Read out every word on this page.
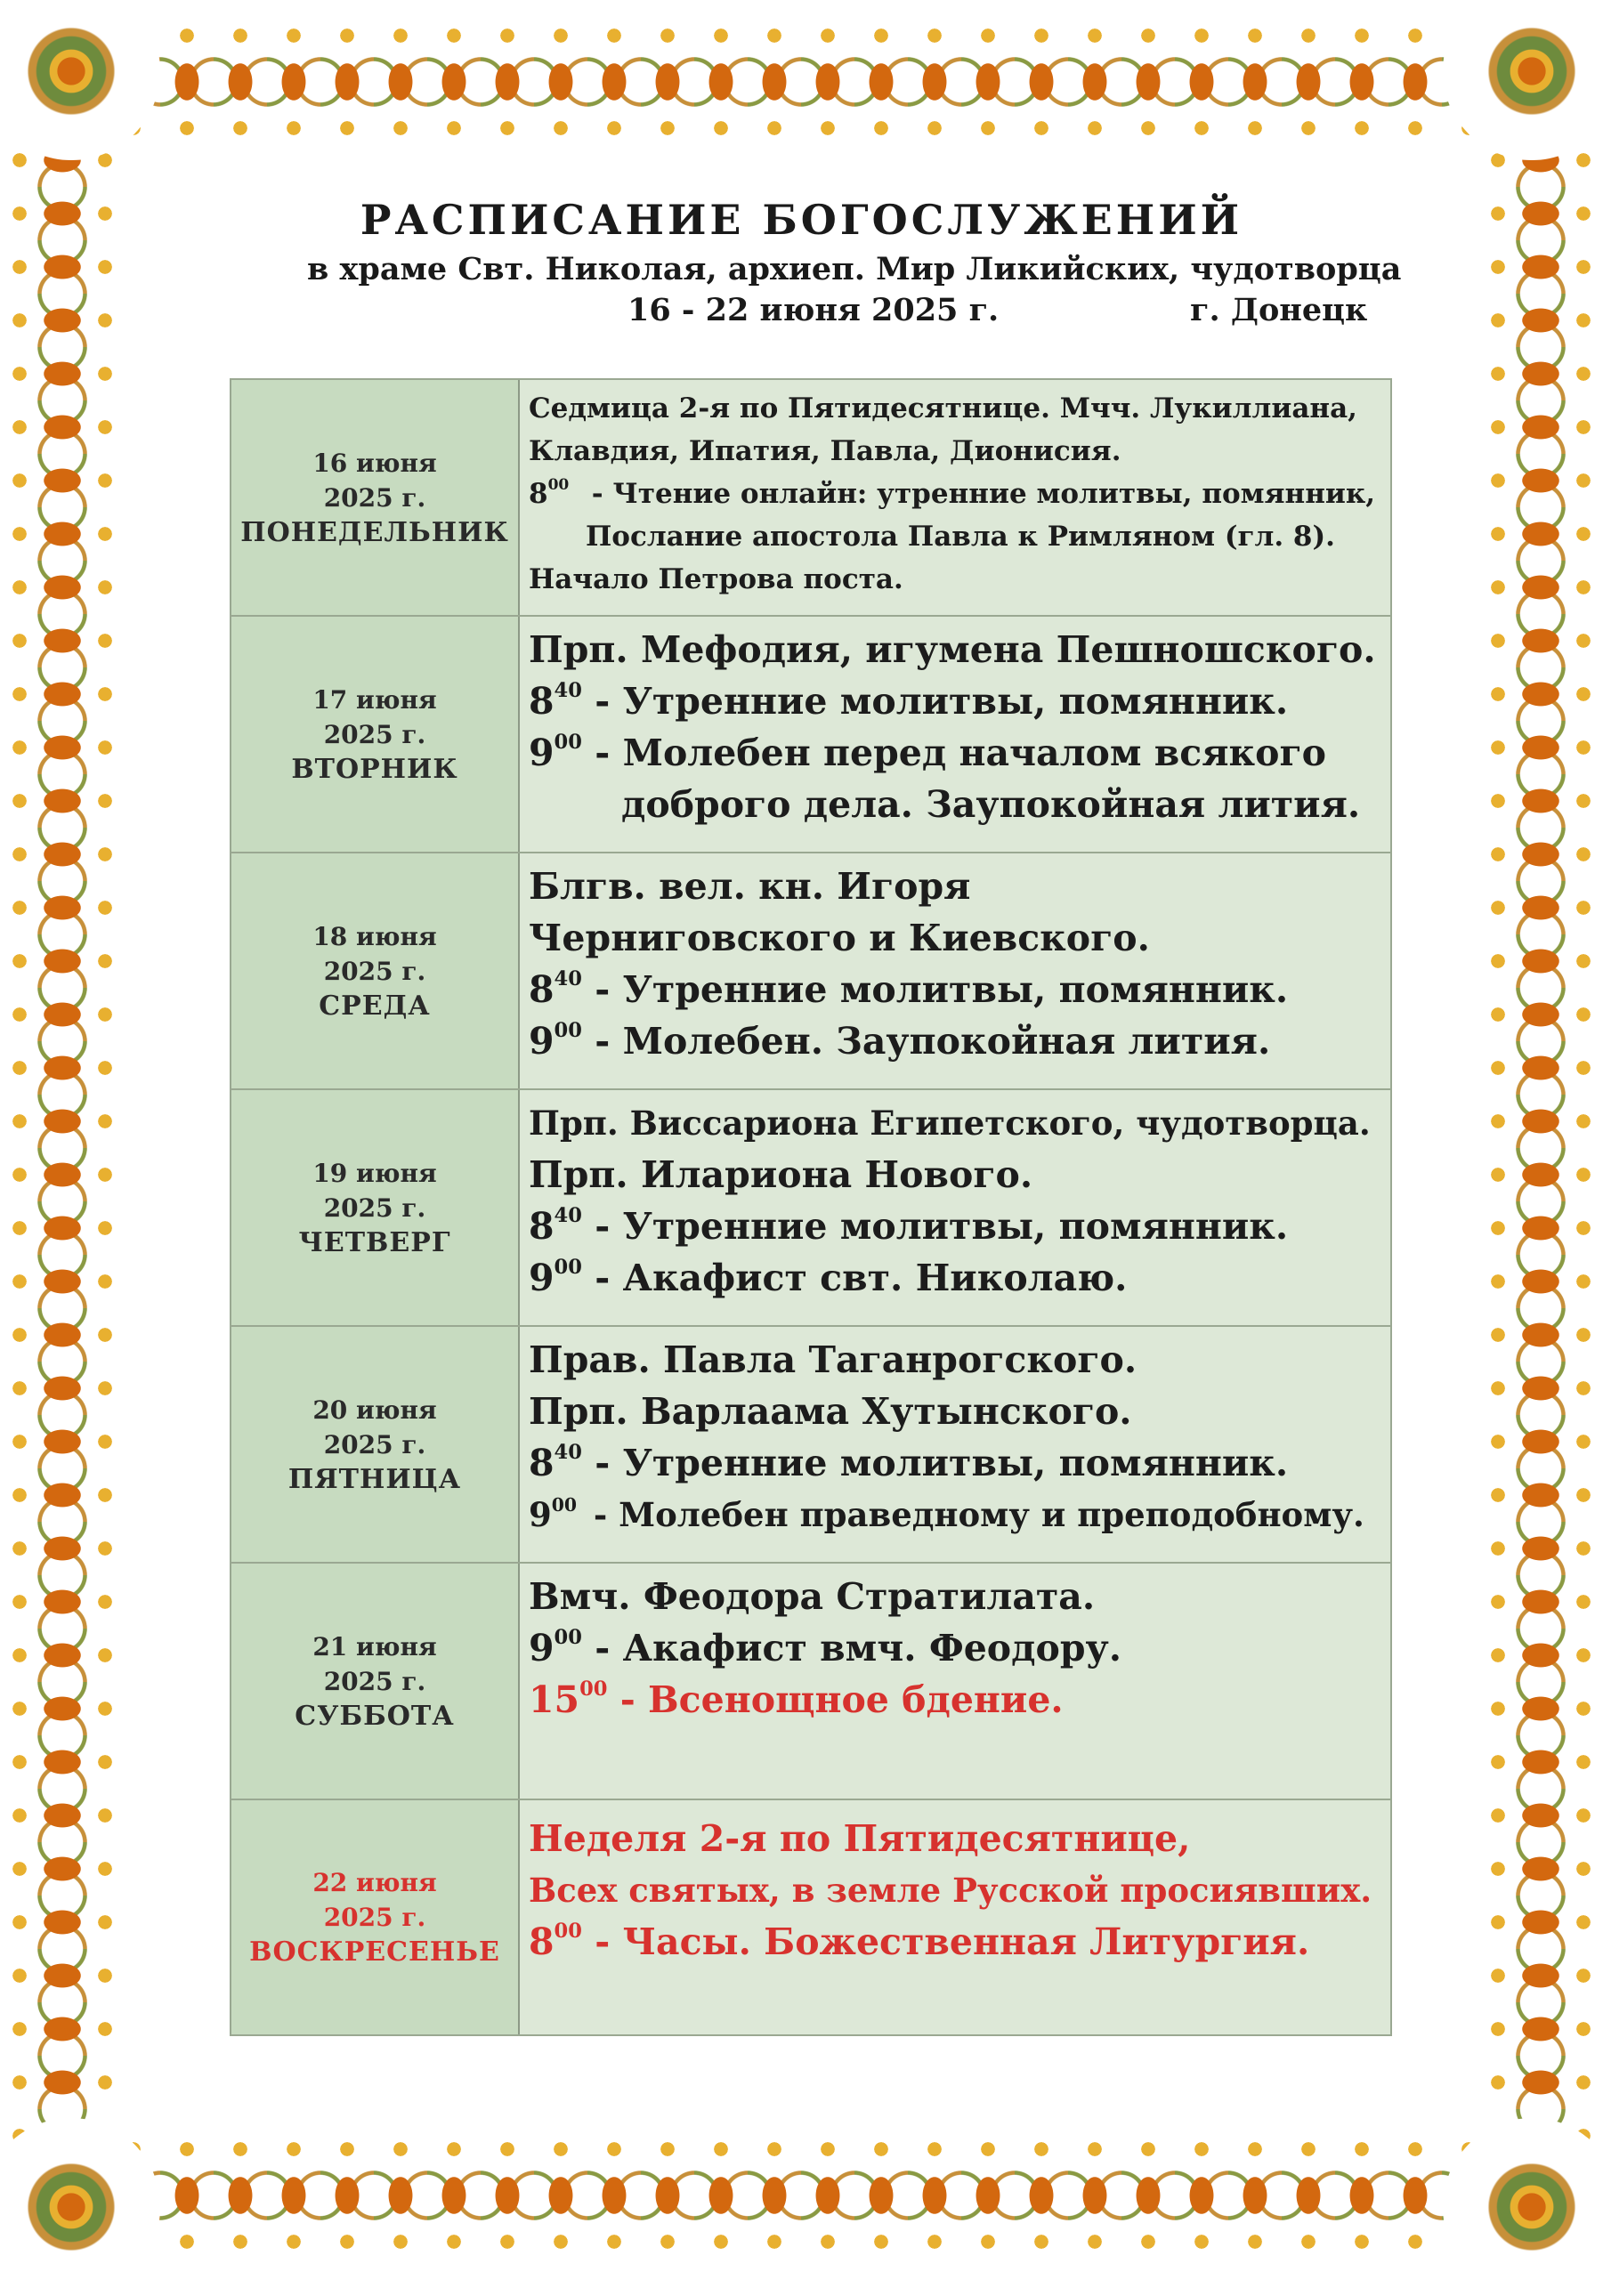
РАСПИСАНИЕ БОГОСЛУЖЕНИЙ
в храме Свт. Николая, архиеп. Мир Ликийских, чудотворца
16 - 22 июня 2025 г.	г. Донецк
16 июня
2025 г.
ПОНЕДЕЛЬНИК
Седмица 2-я по Пятидесятнице. Мчч. Лукиллиана,
Клавдия, Ипатия, Павла, Дионисия.
$8^{00}$ - Чтение онлайн: утренние молитвы, помянник,
Послание апостола Павла к Римляном (гл. 8).
Начало Петрова поста.
17 июня
2025 г.
ВТОРНИК
Прп. Мефодия, игумена Пешношского.
$8^{40}$ - Утренние молитвы, помянник.
$9^{00}$ - Молебен перед началом всякого
доброго дела. Заупокойная лития.
18 июня
2025 г.
СРЕДА
Блгв. вел. кн. Игоря
Черниговского и Киевского.
$8^{40}$ - Утренние молитвы, помянник.
$9^{00}$ - Молебен. Заупокойная лития.
19 июня
2025 г.
ЧЕТВЕРГ
Прп. Виссариона Египетского, чудотворца.
Прп. Илариона Нового.
$8^{40}$ - Утренние молитвы, помянник.
$9^{00}$ - Акафист свт. Николаю.
20 июня
2025 г.
ПЯТНИЦА
Прав. Павла Таганрогского.
Прп. Варлаама Хутынского.
$8^{40}$ - Утренние молитвы, помянник.
$9^{00}$ - Молебен праведному и преподобному.
21 июня
2025 г.
СУББОТА
Вмч. Феодора Стратилата.
$9^{00}$ - Акафист вмч. Феодору.
$15^{00}$ - Всенощное бдение.
22 июня
2025 г.
ВОСКРЕСЕНЬЕ
Неделя 2-я по Пятидесятнице,
Всех святых, в земле Русской просиявших.
$8^{00}$ - Часы. Божественная Литургия.
